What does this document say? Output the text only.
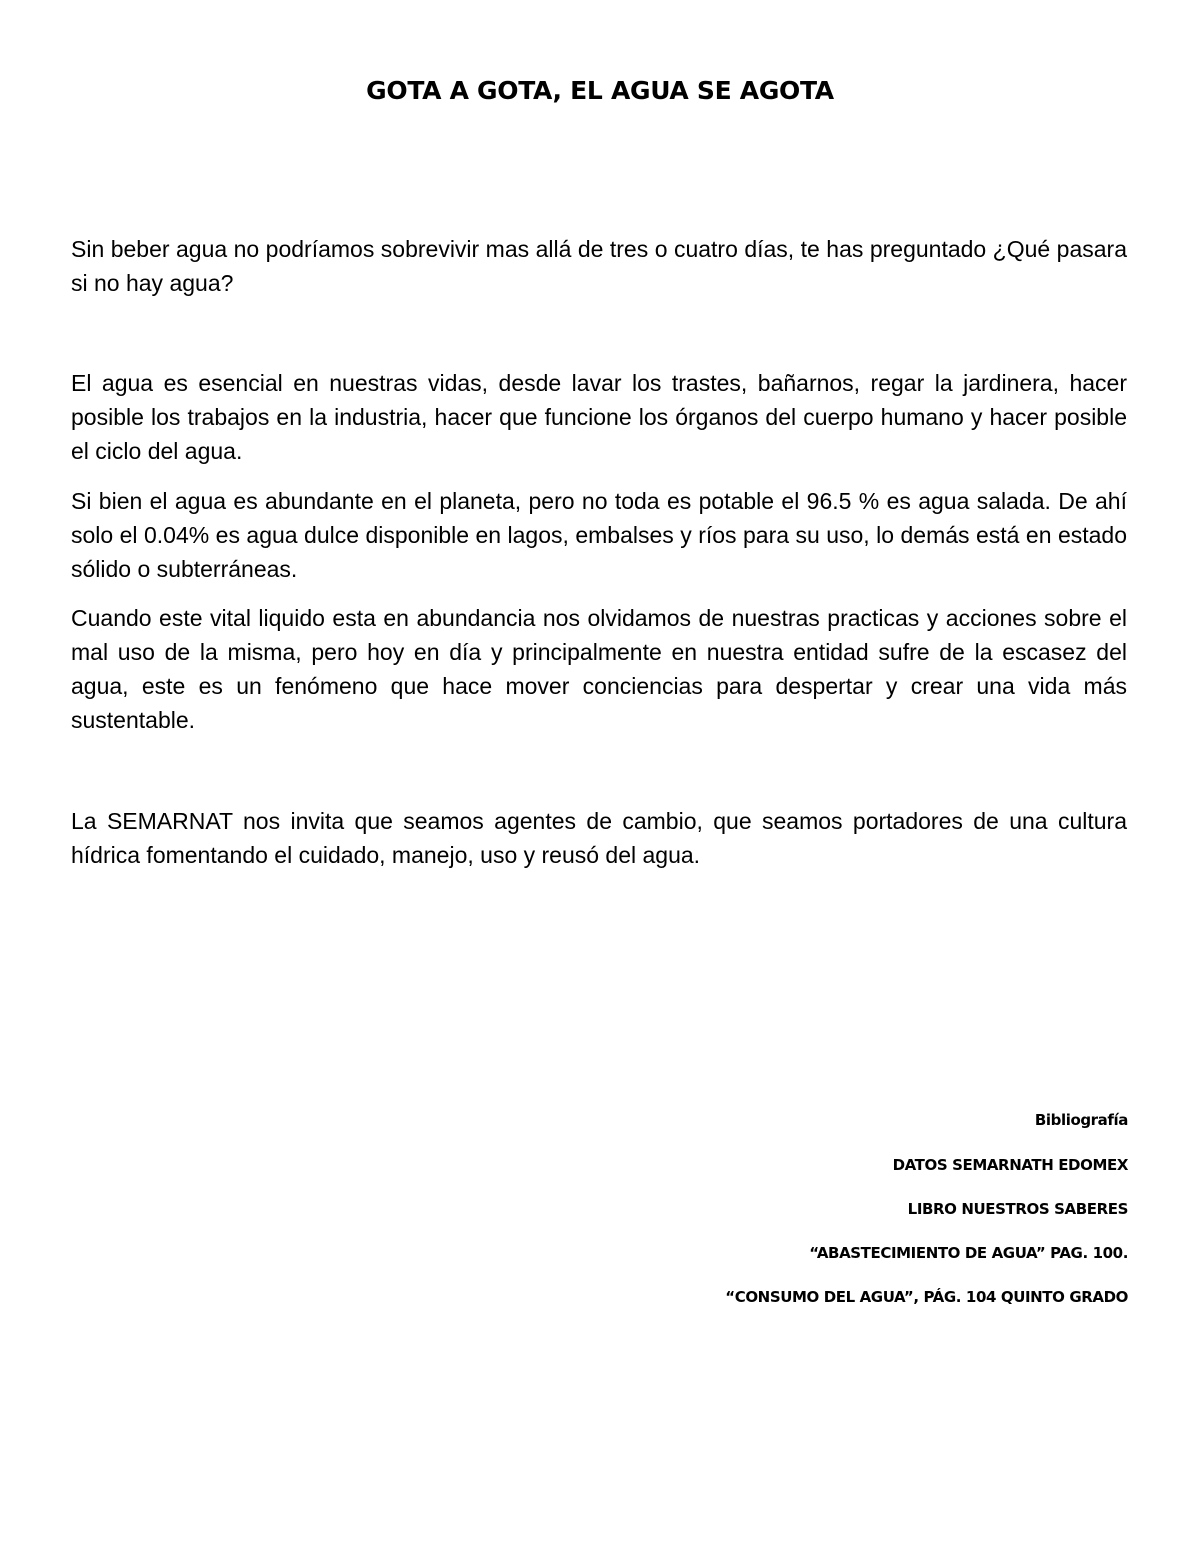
GOTA A GOTA, EL AGUA SE AGOTA

Sin beber agua no podríamos sobrevivir mas allá de tres o cuatro días, te has preguntado ¿Qué pasara si no hay agua?

El agua es esencial en nuestras vidas, desde lavar los trastes, bañarnos, regar la jardinera, hacer posible los trabajos en la industria, hacer que funcione los órganos del cuerpo humano y hacer posible el ciclo del agua.

Si bien el agua es abundante en el planeta, pero no toda es potable el 96.5 % es agua salada. De ahí solo el 0.04% es agua dulce disponible en lagos, embalses y ríos para su uso, lo demás está en estado sólido o subterráneas.

Cuando este vital liquido esta en abundancia nos olvidamos de nuestras practicas y acciones sobre el mal uso de la misma, pero hoy en día y principalmente en nuestra entidad sufre de la escasez del agua, este es un fenómeno que hace mover conciencias para despertar y crear una vida más sustentable.

La SEMARNAT nos invita que seamos agentes de cambio, que seamos portadores de una cultura hídrica fomentando el cuidado, manejo, uso y reusó del agua.

Bibliografía

DATOS SEMARNATH EDOMEX

LIBRO NUESTROS SABERES

“ABASTECIMIENTO DE AGUA” PAG. 100.

“CONSUMO DEL AGUA”, PÁG. 104 QUINTO GRADO
